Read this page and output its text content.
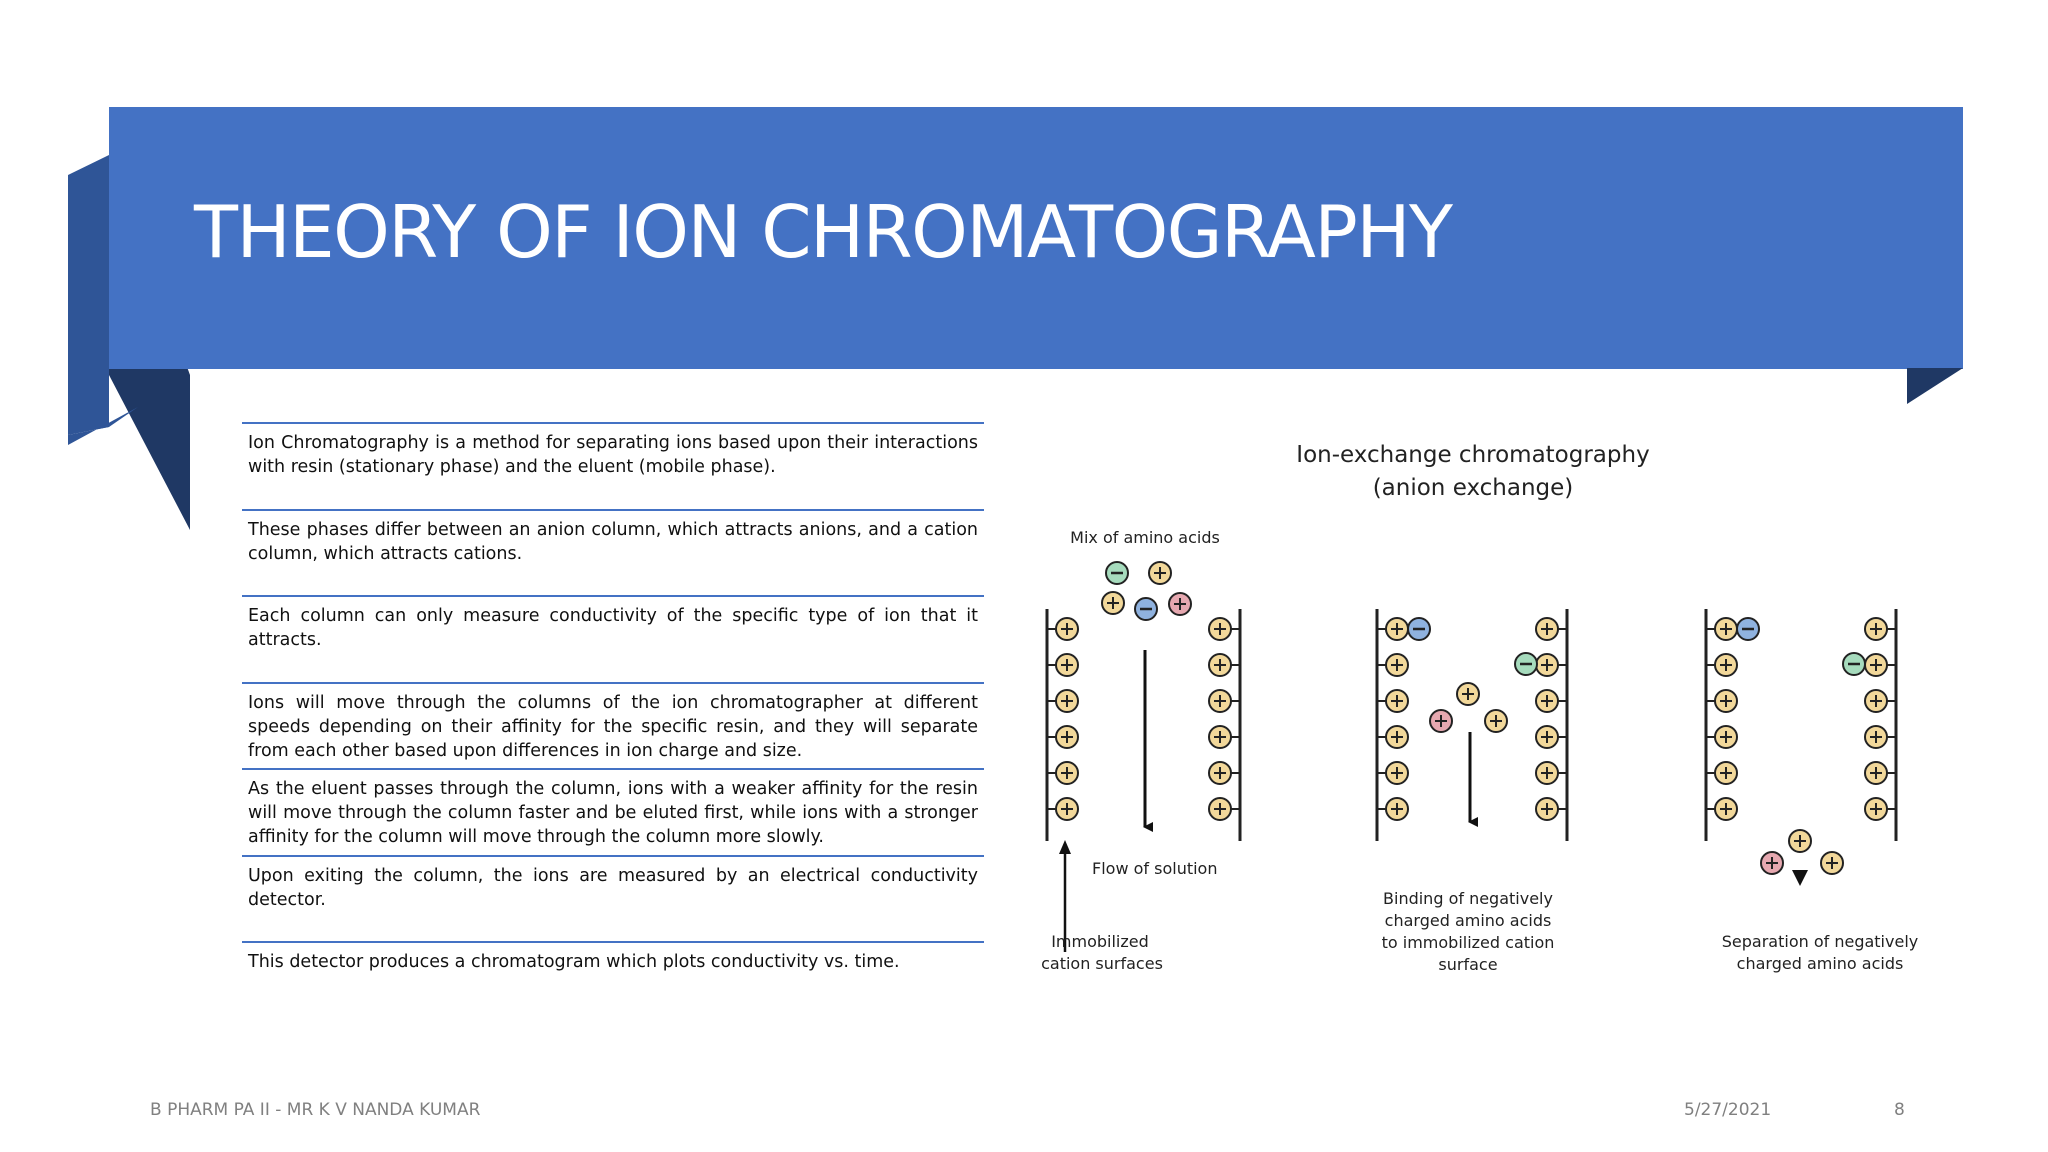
THEORY OF ION CHROMATOGRAPHY
Ion Chromatography is a method for separating ions based upon their interactions with resin (stationary phase) and the eluent (mobile phase).
These phases differ between an anion column, which attracts anions, and a cation column, which attracts cations.
Each column can only measure conductivity of the specific type of ion that it attracts.
Ions will move through the columns of the ion chromatographer at different speeds depending on their affinity for the specific resin, and they will separate from each other based upon differences in ion charge and size.
As the eluent passes through the column, ions with a weaker affinity for the resin will move through the column faster and be eluted first, while ions with a stronger affinity for the column will move through the column more slowly.
Upon exiting the column, the ions are measured by an electrical conductivity detector.
This detector produces a chromatogram which plots conductivity vs. time.
Ion-exchange chromatography
(anion exchange)
Mix of amino acids
Flow of solution
Immobilized
cation surfaces
Binding of negatively
charged amino acids
to immobilized cation
surface
Separation of negatively
charged amino acids
B PHARM PA II - MR K V NANDA KUMAR	5/27/2021	8
